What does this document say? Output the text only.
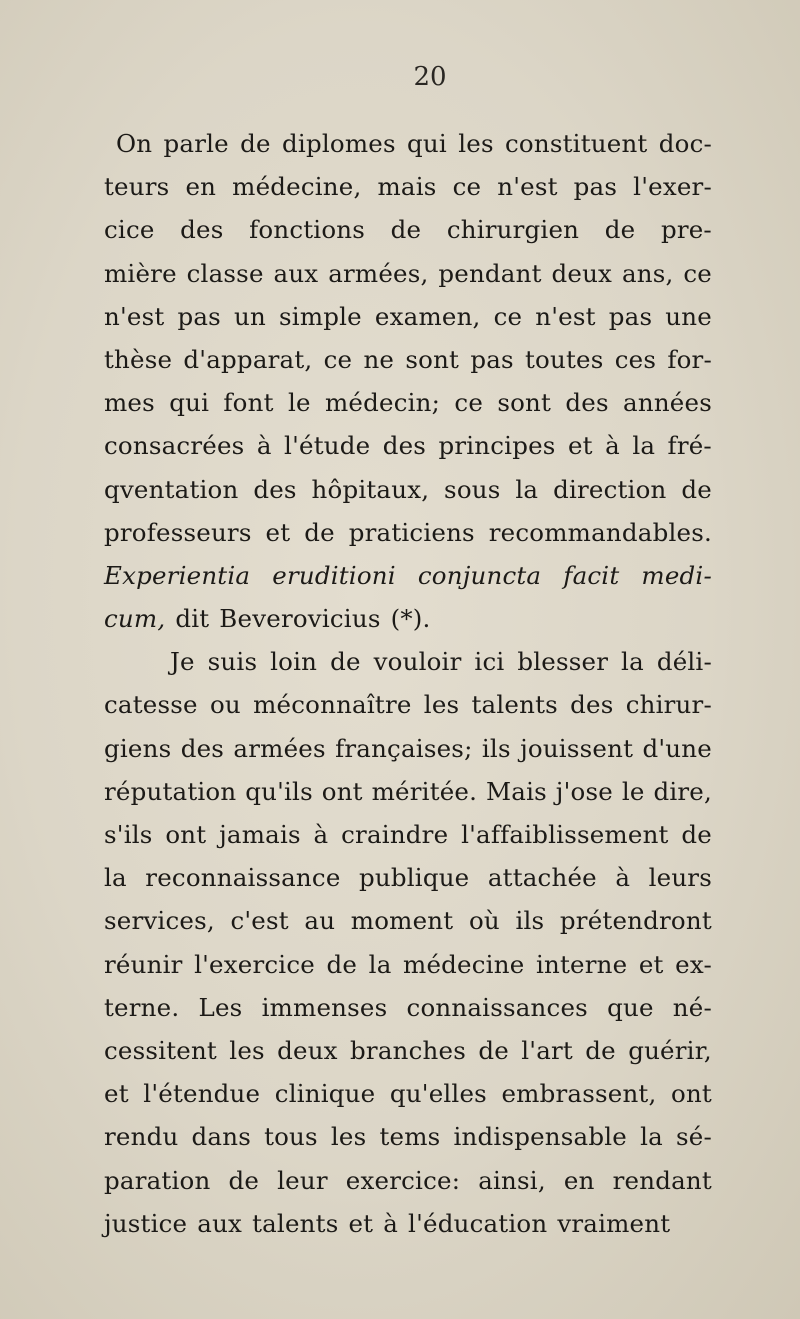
20
On parle de diplomes qui les constituent doc-
teurs en médecine, mais ce n'est pas l'exer-
cice des fonctions de chirurgien de pre-
mière classe aux armées, pendant deux ans, ce
n'est pas un simple examen, ce n'est pas une
thèse d'apparat, ce ne sont pas toutes ces for-
mes qui font le médecin; ce sont des années
consacrées à l'étude des principes et à la fré-
qventation des hôpitaux, sous la direction de
professeurs et de praticiens recommandables.
Experientia eruditioni conjuncta facit medi-
cum, dit Beverovicius (*).
Je suis loin de vouloir ici blesser la déli-
catesse ou méconnaître les talents des chirur-
giens des armées françaises; ils jouissent d'une
réputation qu'ils ont méritée. Mais j'ose le dire,
s'ils ont jamais à craindre l'affaiblissement de
la reconnaissance publique attachée à leurs
services, c'est au moment où ils prétendront
réunir l'exercice de la médecine interne et ex-
terne. Les immenses connaissances que né-
cessitent les deux branches de l'art de guérir,
et l'étendue clinique qu'elles embrassent, ont
rendu dans tous les tems indispensable la sé-
paration de leur exercice: ainsi, en rendant
justice aux talents et à l'éducation vraiment
